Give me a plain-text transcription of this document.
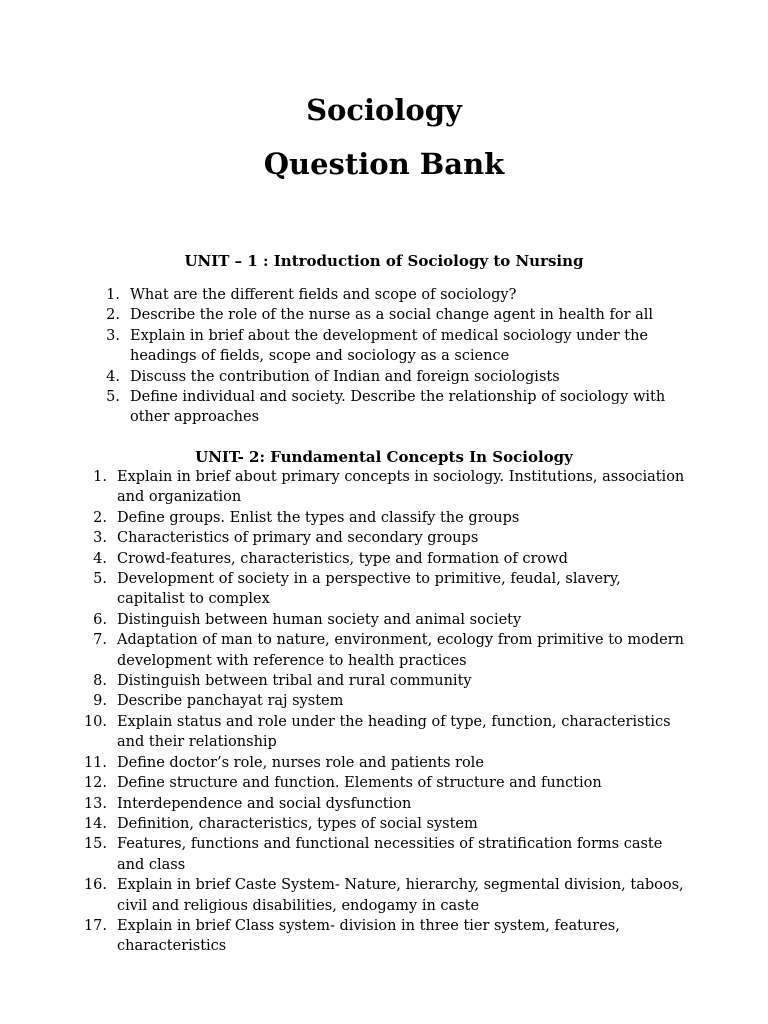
Sociology
Question Bank
UNIT – 1 : Introduction of Sociology to Nursing
1. What are the different fields and scope of sociology?
2. Describe the role of the nurse as a social change agent in health for all
3. Explain in brief about the development of medical sociology under the headings of fields, scope and sociology as a science
4. Discuss the contribution of Indian and foreign sociologists
5. Define individual and society. Describe the relationship of sociology with other approaches
UNIT- 2: Fundamental Concepts In Sociology
1. Explain in brief about primary concepts in sociology. Institutions, association and organization
2. Define groups. Enlist the types and classify the groups
3. Characteristics of primary and secondary groups
4. Crowd-features, characteristics, type and formation of crowd
5. Development of society in a perspective to primitive, feudal, slavery, capitalist to complex
6. Distinguish between human society and animal society
7. Adaptation of man to nature, environment, ecology from primitive to modern development with reference to health practices
8. Distinguish between tribal and rural community
9. Describe panchayat raj system
10. Explain status and role under the heading of type, function, characteristics and their relationship
11. Define doctor’s role, nurses role and patients role
12. Define structure and function. Elements of structure and function
13. Interdependence and social dysfunction
14. Definition, characteristics, types of social system
15. Features, functions and functional necessities of stratification forms caste and class
16. Explain in brief Caste System- Nature, hierarchy, segmental division, taboos, civil and religious disabilities, endogamy in caste
17. Explain in brief Class system- division in three tier system, features, characteristics
